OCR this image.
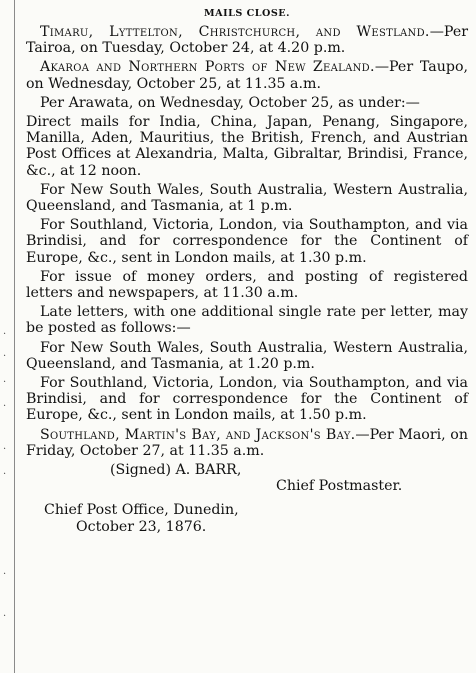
·
·
·
·
·
·
·
·
MAILS CLOSE.

Timaru, Lyttelton, Christchurch, and Westland.—Per Tairoa, on Tuesday, October 24, at 4.20 p.m.

Akaroa and Northern Ports of New Zealand.—Per Taupo, on Wednesday, October 25, at 11.35 a.m.

Per Arawata, on Wednesday, October 25, as under:—

Direct mails for India, China, Japan, Penang, Singapore, Manilla, Aden, Mauritius, the British, French, and Austrian Post Offices at Alexandria, Malta, Gibraltar, Brindisi, France, &c., at 12 noon.

For New South Wales, South Australia, Western Australia, Queensland, and Tasmania, at 1 p.m.

For Southland, Victoria, London, via Southampton, and via Brindisi, and for correspondence for the Continent of Europe, &c., sent in London mails, at 1.30 p.m.

For issue of money orders, and posting of registered letters and newspapers, at 11.30 a.m.

Late letters, with one additional single rate per letter, may be posted as follows:—

For New South Wales, South Australia, Western Australia, Queensland, and Tasmania, at 1.20 p.m.

For Southland, Victoria, London, via Southampton, and via Brindisi, and for correspondence for the Continent of Europe, &c., sent in London mails, at 1.50 p.m.

Southland, Martin's Bay, and Jackson's Bay.—Per Maori, on Friday, October 27, at 11.35 a.m.

(Signed) A. BARR,

Chief Postmaster.

Chief Post Office, Dunedin,

October 23, 1876.
